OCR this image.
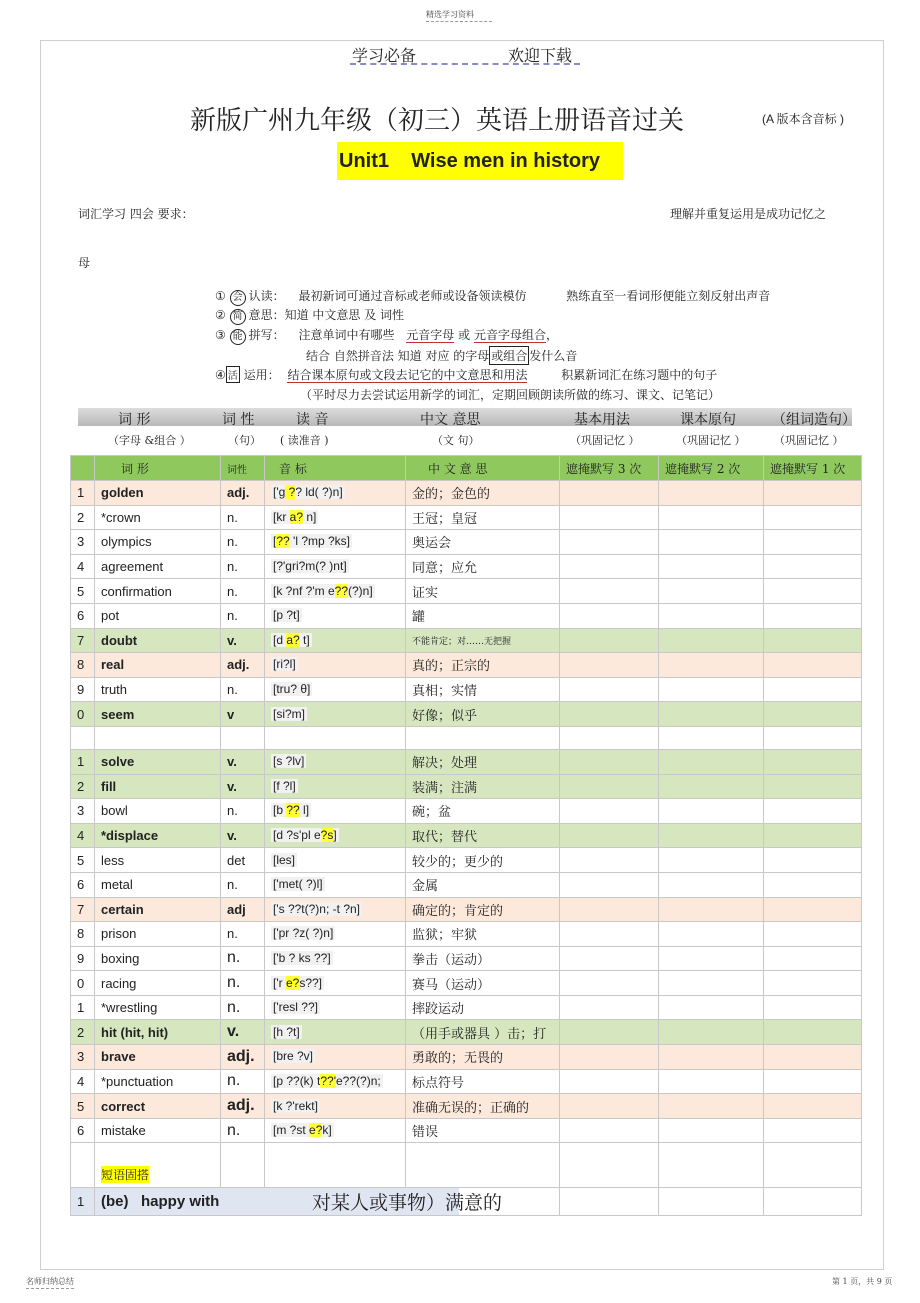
精选学习资料
学习必备	欢迎下载
新版广州九年级（初三）英语上册语音过关	(A 版本含音标 )
Unit1    Wise men in history
词汇学习 四会 要求：	理解并重复运用是成功记忆之
母
① 会 认读： 最初新词可通过音标或老师或设备领读模仿	熟练直至一看词形便能立刻反射出声音
② 简 意思：知道 中文意思 及 词性
③ 能 拼写： 注意单词中有哪些 元音字母 或 元音字母组合，
结合 自然拼音法 知道 对应 的字母 或组合 发什么音
④ 活 运用： 结合课本原句或文段去记它的中文意思和用法	积累新词汇在练习题中的句子
（平时尽力去尝试运用新学的词汇，定期回顾朗读所做的练习、课文、记笔记）
词 形	词 性	读 音	中文 意思	基本用法	课本原句	（组词造句）
（字母 &组合 ）	（句） ( 读准音 )	（文 句）	（巩固记忆 ）	（巩固记忆 ）	（巩固记忆 ）
	词 形	词性	音 标	中 文 意 思	遮掩默写 3 次	遮掩默写 2 次	遮掩默写 1 次
1	golden	adj.	['g ?? ld( ?)n]	金的；金色的			
2	*crown	n.	[kr a? n]	王冠；皇冠			
3	olympics	n.	[?? 'l ?mp ?ks]	奥运会			
4	agreement	n.	[?'gri?m(? )nt]	同意；应允			
5	confirmation	n.	[k ?nf ?'m e??(?)n]	证实			
6	pot	n.	[p ?t]	罐			
7	doubt	v.	[d a? t]	不能肯定；对……无把握			
8	real	adj.	[ri?l]	真的；正宗的			
9	truth	n.	[tru? θ]	真相；实情			
0	seem	v	[si?m]	好像；似乎			

1	solve	v.	[s ?lv]	解决；处理			
2	fill	v.	[f ?l]	装满；注满			
3	bowl	n.	[b ?? l]	碗；盆			
4	*displace	v.	[d ?s'pl e?s]	取代；替代			
5	less	det	[les]	较少的；更少的			
6	metal	n.	['met( ?)l]	金属			
7	certain	adj	['s ??t(?)n; -t ?n]	确定的；肯定的			
8	prison	n.	['pr ?z( ?)n]	监狱；牢狱			
9	boxing	n.	['b ? ks ??]	拳击（运动）			
0	racing	n.	['r e?s??]	赛马（运动）			
1	*wrestling	n.	['resl ??]	摔跤运动			
2	hit (hit, hit)	v.	[h ?t]	（用手或器具 ）击；打			
3	brave	adj.	[bre ?v]	勇敢的；无畏的			
4	*punctuation	n.	[p ??(k) t??'e??(?)n;	标点符号			
5	correct	adj.	[k ?'rekt]	准确无误的；正确的			
6	mistake	n.	[m ?st e?k]	错误			
	短语固搭						
1	(be)   happy with	对某人或事物）满意的			
名师归纳总结	第 1 页，共 9 页
